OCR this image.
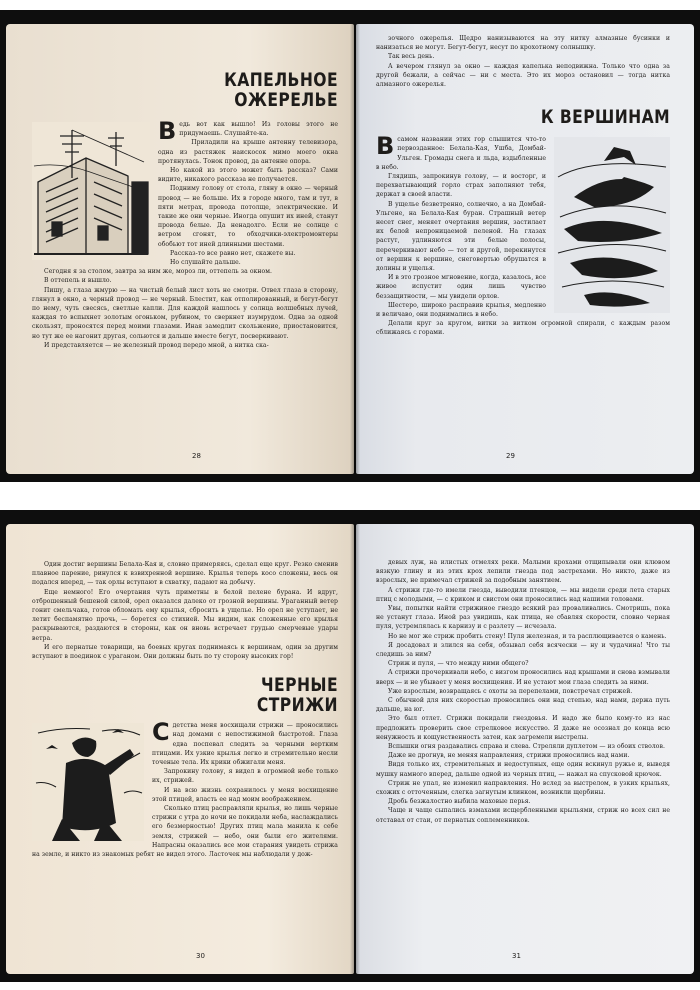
КАПЕЛЬНОЕ
ОЖЕРЕЛЬЕ
В едь вот как вышло! Из головы этого не придумаешь. Слушайте-ка.

Приладили на крыше антенну телевизора, одна из растяжек наискосок мимо моего окна протянулась. Тонок провод, да антенне опора.

Но какой из этого может быть рассказ? Сами видите, никакого рассказа не получается.

Подниму голову от стола, гляну в окно — черный провод — не больше. Их в городе много, там и тут, в пяти метрах, провода потолще, электрические. И такие же они черные. Иногда опушит их иней, станут провода белые. Да ненадолго. Если не солнце с ветром сгонят, то обходчики-электромонтеры обобьют тот иней длинными шестами.

Рассказ-то все равно нет, скажете вы.

Но слушайте дальше.

Сегодня я за столом, завтра за ним же, мороз ли, оттепель за окном.

В оттепель и вышло.

Пишу, а глаза жмурю — на чистый белый лист хоть не смотри. Отвел глаза в сторону, глянул в окно, а черный провод — не черный. Блестит, как отполированный, и бегут-бегут по нему, чуть свесясь, светлые капли. Для каждой нашлось у солнца волшебных лучей, каждая то вспыхнет золотым огоньком, рубином, то сверкнет изумрудом. Одна за одной скользят, проносятся перед моими глазами. Иная замедлит скольжение, приостановится, но тут же ее нагонит другая, сольются и дальше вместе бегут, посверкивают.

И представляется — не железный провод передо мной, а нитка ска-

28

зочного ожерелья. Щедро нанизываются на эту нитку алмазные бусинки и нанизаться не могут. Бегут-бегут, несут по крохотному солнышку.

Так весь день.

А вечером глянул за окно — каждая капелька неподвижна. Только что одна за другой бежали, а сейчас — ни с места. Это их мороз остановил — тогда нитка алмазного ожерелья.

К ВЕРШИНАМ
В самом названии этих гор слышится что-то первозданное: Белала-Кая, Ушба, Домбай-Ульген. Громады снега и льда, вздыбленные в небо.

Глядишь, запрокинув голову, — и восторг, и перехватывающий горло страх заполняют тебя, держат в своей власти.

В ущелье безветренно, солнечно, а на Домбай-Ульгене, на Белала-Кая буран. Страшный ветер несет снег, меняет очертания вершин, застилает их белой непроницаемой пеленой. На глазах растут, удлиняются эти белые полосы, перечеркивают небо — тот и другой, перекинутся от вершин к вершине, снеговертью обрушатся в долины и ущелья.

И в это грозное мгновение, когда, казалось, все живое испустит один лишь чувство беззащитности, — мы увидели орлов.

Шестеро, широко расправив крылья, медленно и величаво, они поднимались в небо.

Делали круг за кругом, витки за витком огромной спирали, с каждым разом сближаясь с горами.

29

Один достиг вершины Белала-Кая и, словно примеряясь, сделал еще круг. Резко сменив плавное парение, ринулся к взвихренной вершине. Крылья теперь косо сложены, весь он подался вперед, — так орлы вступают в схватку, падают на добычу.

Еще немного! Его очертания чуть приметны в белой пелене бурана. И вдруг, отброшенный бешеной силой, орел оказался далеко от грозной вершины. Ураганный ветер гонит смельчака, готов обломать ему крылья, сбросить в ущелье. Но орел не уступает, не летит беспамятно прочь, — борется со стихией. Мы видим, как сложенные его крылья раскрываются, раздаются в стороны, как он вновь встречает грудью смерчевые удары ветра.

И его пернатые товарищи, на боевых кругах поднимаясь к вершинам, один за другим вступают в поединок с ураганом. Они должны быть по ту сторону высоких гор!

ЧЕРНЫЕ
СТРИЖИ
С детства меня восхищали стрижи — проносились над домами с непостижимой быстротой. Глаза едва поспевал следить за черными вертким птицами. Их узкие крылья легко и стремительно несли точеные тела. Их крики обжигали меня.

Запрокину голову, я видел в огромной небе только их, стрижей.

И на всю жизнь сохранилось у меня восхищение этой птицей, власть ее над моим воображением.

Сколько птиц расправляли крылья, но лишь черные стрижи с утра до ночи не покидали неба, наслаждались его безмерностью! Других птиц мала манила к себе земля, стрижей — небо, они были его жителями. Напрасны оказались все мои старания увидеть стрижа на земле, и никто из знакомых ребят не видел этого. Ласточек мы наблюдали у дож-

30

девых луж, на илистых отмелях реки. Малыми крохами отщипывали они клювом вязкую глину и из этих крох лепили гнезда под застрехами. Но никто, даже из взрослых, не примечал стрижей за подобным занятием.

А стрижи где-то имели гнезда, выводили птенцов, — мы видели среди лета старых птиц с молодыми, — с криком и свистом они проносились над нашими головами.

Увы, попытки найти стрижиное гнездо всякий раз проваливались. Смотришь, пока не устанут глаза. Иной раз увидишь, как птица, не сбавляя скорости, словно черная пуля, устремлялась к карнизу и с разлету — исчезала.

Но не мог же стриж пробить стену! Пуля железная, и та расплющивается о камень.

Я досадовал и злился на себя, обзывал себя всячески — ну и чудачина! Что ты следишь за ним?

Стриж и пуля, — что между ними общего?

А стрижи прочеркивали небо, с визгом проносились над крышами и снова взмывали вверх — и не убывает у меня восхищения. И не устают мои глаза следить за ними.

Уже взрослым, возвращаясь с охоты за перепелами, повстречал стрижей.

С обычной для них скоростью проносились они над степью, над нами, держа путь дальше, на юг.

Это был отлет. Стрижи покидали гнездовья. И надо же было кому-то из нас предложить проверить свое стрелковое искусство. Я даже не осознал до конца всю ненужность и кощунственность затеи, как загремели выстрелы.

Вспышки огня раздавались справа и слева. Стреляли дуплетом — из обоих стволов.

Даже не дрогнув, не меняя направления, стрижи проносились над нами.

Видя только их, стремительных и недоступных, еще один вскинул ружье и, выведя мушку намного вперед, дальше одной из черных птиц, — нажал на спусковой крючок.

Стриж не упал, не изменил направления. Но вслед за выстрелом, в узких крыльях, схожих с отточенным, слегка загнутым клинком, возникли щербины.

Дробь безжалостно выбила маховые перья.

Чаще и чаще сыпались взмахами исщербленными крыльями, стриж но всех сил не отставал от стаи, от пернатых соплеменников.

31
